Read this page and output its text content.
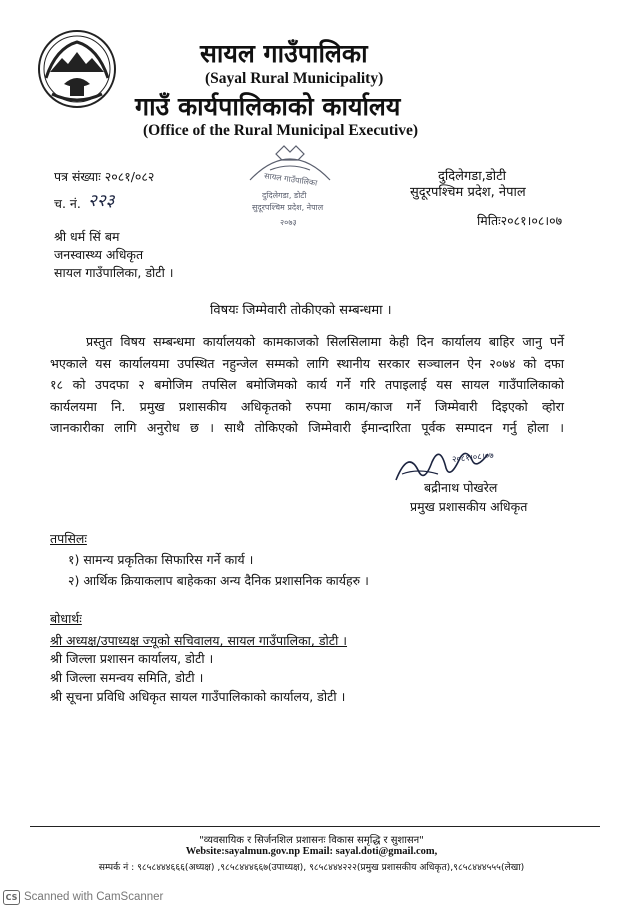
सायल गाउँपालिका
(Sayal Rural Municipality)
गाउँ कार्यपालिकाको कार्यालय
(Office of the Rural Municipal Executive)
सायल गाउँपालिका
दुदिलेगडा, डोटी
सुदूरपश्चिम प्रदेश, नेपाल
२०७३
पत्र संख्याः २०८१/०८२
च. नं. २२३
दुदिलेगडा,डोटी
सुदूरपश्चिम प्रदेश, नेपाल
मितिः२०८१।०८।०७
श्री धर्म सिं बम
जनस्वास्थ्य अधिकृत
सायल गाउँपालिका, डोटी ।
विषयः जिम्मेवारी तोकीएको सम्बन्धमा ।
प्रस्तुत विषय सम्बन्धमा कार्यालयको कामकाजको सिलसिलामा केही दिन कार्यालय बाहिर जानु पर्ने
भएकाले यस कार्यालयमा उपस्थित नहुन्जेल सम्मको लागि स्थानीय सरकार सञ्चालन ऐन २०७४ को दफा
१८ को उपदफा २ बमोजिम तपसिल बमोजिमको कार्य गर्ने गरि तपाइलाई यस सायल गाउँपालिकाको
कार्यलयमा नि. प्रमुख प्रशासकीय अधिकृतको रुपमा काम/काज गर्ने जिम्मेवारी दिइएको व्होरा
जानकारीका लागि अनुरोध छ । साथै तोकिएको जिम्मेवारी ईमान्दारिता पूर्वक सम्पादन गर्नु होला ।
२०८१।०८।०७
बद्रीनाथ पोखरेल
प्रमुख प्रशासकीय अधिकृत
तपसिलः
१) सामन्य प्रकृतिका सिफारिस गर्ने कार्य ।
२) आर्थिक क्रियाकलाप बाहेकका अन्य दैनिक प्रशासनिक कार्यहरु ।
बोधार्थः
श्री अध्यक्ष/उपाध्यक्ष ज्यूको सचिवालय, सायल गाउँपालिका, डोटी ।
श्री जिल्ला प्रशासन कार्यालय, डोटी ।
श्री जिल्ला समन्वय समिति, डोटी ।
श्री सूचना प्रविधि अधिकृत सायल गाउँपालिकाको कार्यालय, डोटी ।
"व्यवसायिक र सिर्जनशिल प्रशासनः विकास समृद्धि र सुशासन"
Website:sayalmun.gov.np Email: sayal.doti@gmail.com,
सम्पर्क नं : ९८५८४४४६६६(अध्यक्ष) ,९८५८४४४६६७(उपाध्यक्ष), ९८५८४४४२२२(प्रमुख प्रशासकीय अधिकृत),९८५८४४४५५५(लेखा)
CS Scanned with CamScanner
